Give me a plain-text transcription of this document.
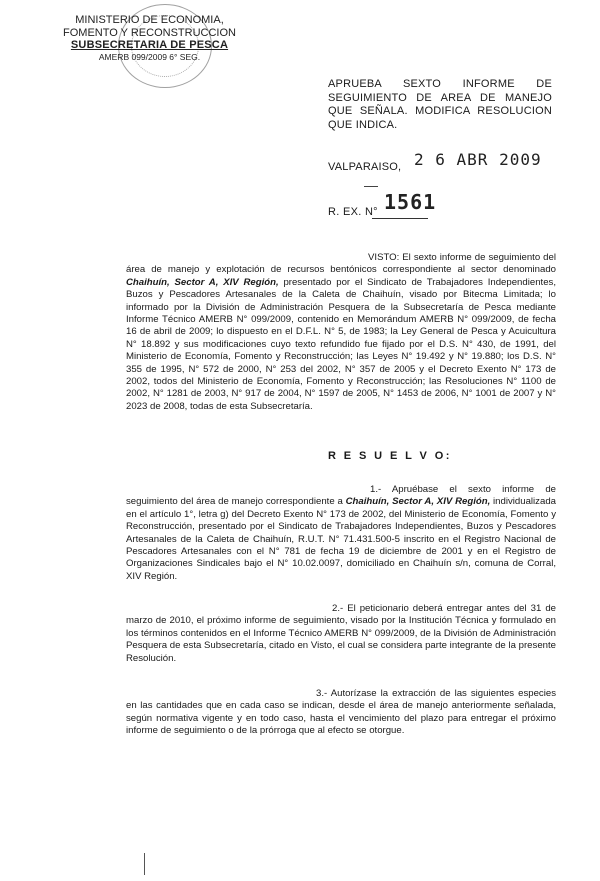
MINISTERIO DE ECONOMIA,
FOMENTO Y RECONSTRUCCION
SUBSECRETARIA DE PESCA
AMERB 099/2009 6° SEG.
APRUEBA SEXTO INFORME DE SEGUIMIENTO DE AREA DE MANEJO QUE SEÑALA. MODIFICA RESOLUCION QUE INDICA.
VALPARAISO, 2 6 ABR 2009
R. EX. N° 1561

VISTO: El sexto informe de seguimiento del área de manejo y explotación de recursos bentónicos correspondiente al sector denominado Chaihuín, Sector A, XIV Región, presentado por el Sindicato de Trabajadores Independientes, Buzos y Pescadores Artesanales de la Caleta de Chaihuín, visado por Bitecma Limitada; lo informado por la División de Administración Pesquera de la Subsecretaría de Pesca mediante Informe Técnico AMERB N° 099/2009, contenido en Memorándum AMERB N° 099/2009, de fecha 16 de abril de 2009; lo dispuesto en el D.F.L. N° 5, de 1983; la Ley General de Pesca y Acuicultura N° 18.892 y sus modificaciones cuyo texto refundido fue fijado por el D.S. N° 430, de 1991, del Ministerio de Economía, Fomento y Reconstrucción; las Leyes N° 19.492 y N° 19.880; los D.S. N° 355 de 1995, N° 572 de 2000, N° 253 del 2002, N° 357 de 2005 y el Decreto Exento N° 173 de 2002, todos del Ministerio de Economía, Fomento y Reconstrucción; las Resoluciones N° 1100 de 2002, N° 1281 de 2003, N° 917 de 2004, N° 1597 de 2005, N° 1453 de 2006, N° 1001 de 2007 y N° 2023 de 2008, todas de esta Subsecretaría.

R E S U E L V O:

1.- Apruébase el sexto informe de seguimiento del área de manejo correspondiente a Chaihuín, Sector A, XIV Región, individualizada en el artículo 1°, letra g) del Decreto Exento N° 173 de 2002, del Ministerio de Economía, Fomento y Reconstrucción, presentado por el Sindicato de Trabajadores Independientes, Buzos y Pescadores Artesanales de la Caleta de Chaihuín, R.U.T. N° 71.431.500-5 inscrito en el Registro Nacional de Pescadores Artesanales con el N° 781 de fecha 19 de diciembre de 2001 y en el Registro de Organizaciones Sindicales bajo el N° 10.02.0097, domiciliado en Chaihuín s/n, comuna de Corral, XIV Región.

2.- El peticionario deberá entregar antes del 31 de marzo de 2010, el próximo informe de seguimiento, visado por la Institución Técnica y formulado en los términos contenidos en el Informe Técnico AMERB N° 099/2009, de la División de Administración Pesquera de esta Subsecretaría, citado en Visto, el cual se considera parte integrante de la presente Resolución.

3.- Autorízase la extracción de las siguientes especies en las cantidades que en cada caso se indican, desde el área de manejo anteriormente señalada, según normativa vigente y en todo caso, hasta el vencimiento del plazo para entregar el próximo informe de seguimiento o de la prórroga que al efecto se otorgue.
